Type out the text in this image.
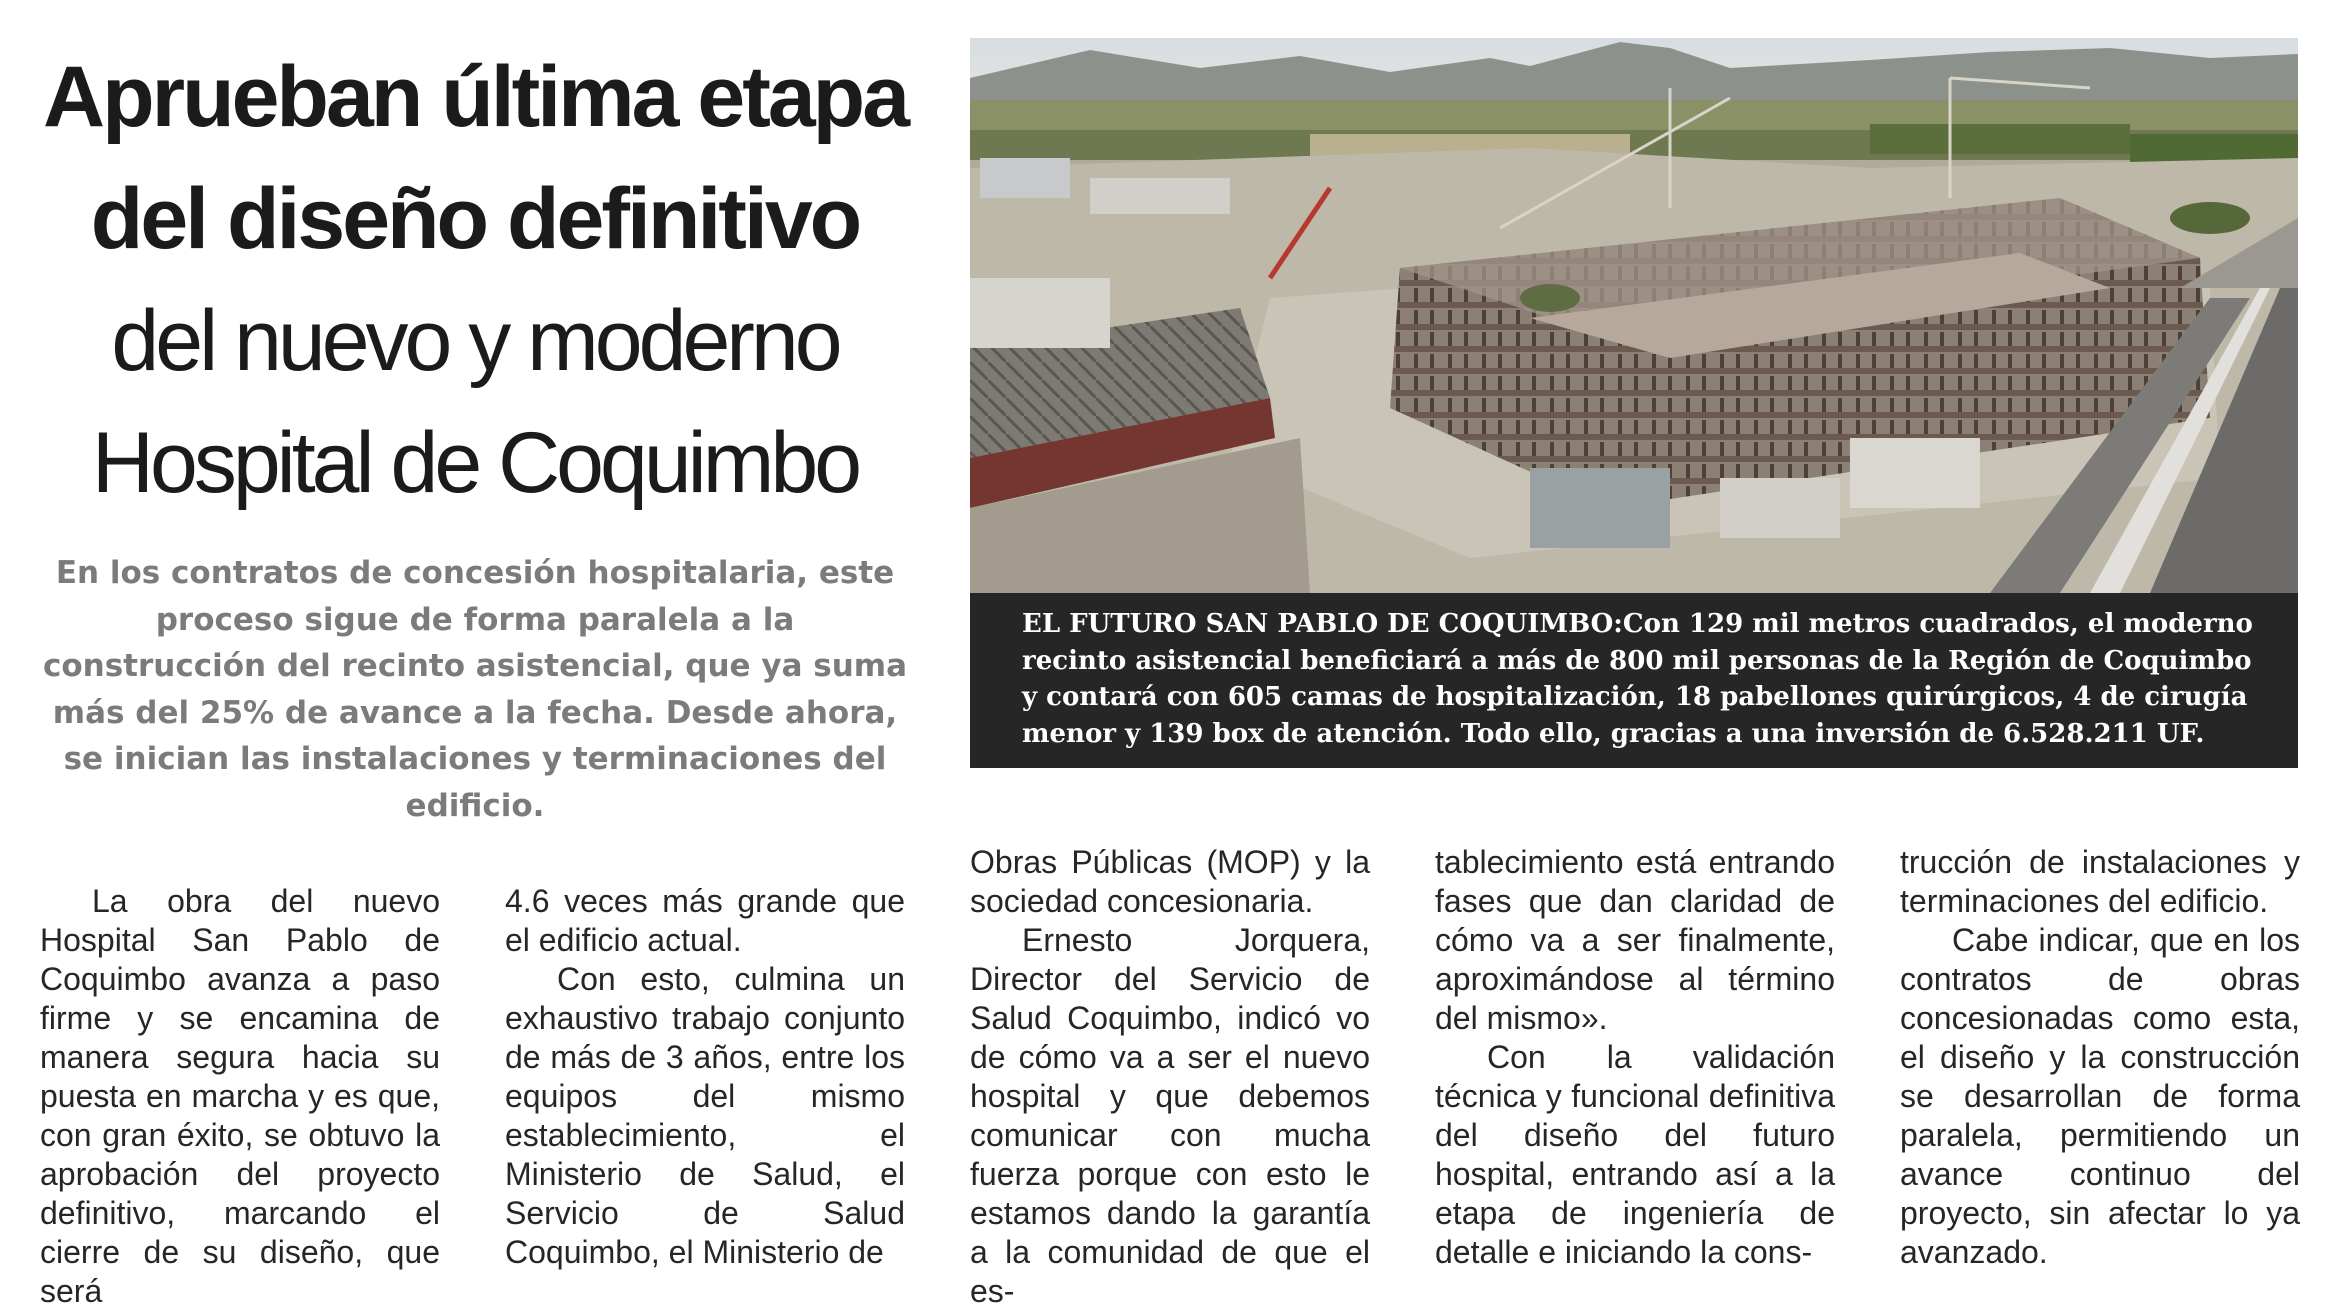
Aprueban última etapa
del diseño definitivo
del nuevo y moderno
Hospital de Coquimbo
En los contratos de concesión hospitalaria, este proceso sigue de forma paralela a la construcción del recinto asistencial, que ya suma más del 25% de avance a la fecha. Desde ahora, se inician las instalaciones y terminaciones del edificio.
EL FUTURO SAN PABLO DE COQUIMBO:Con 129 mil metros cuadrados, el moderno recinto asistencial beneficiará a más de 800 mil personas de la Región de Coquimbo y contará con 605 camas de hospitalización, 18 pabellones quirúrgicos, 4 de cirugía menor y 139 box de atención. Todo ello, gracias a una inversión de 6.528.211 UF.

La obra del nuevo Hospital San Pablo de Coquimbo avanza a paso firme y se encamina de manera segura hacia su puesta en marcha y es que, con gran éxito, se obtuvo la aprobación del proyecto definitivo, marcando el cierre de su diseño, que será

4.6 veces más grande que el edificio actual.

Con esto, culmina un exhaustivo trabajo conjunto de más de 3 años, entre los equipos del mismo establecimiento, el Ministerio de Salud, el Servicio de Salud Coquimbo, el Ministerio de

Obras Públicas (MOP) y la sociedad concesionaria.

Ernesto Jorquera, Director del Servicio de Salud Coquimbo, indicó vo de cómo va a ser el nuevo hospital y que debemos comunicar con mucha fuerza porque con esto le estamos dando la garantía a la comunidad de que el es-

tablecimiento está entrando fases que dan claridad de cómo va a ser finalmente, aproximándose al término del mismo».

Con la validación técnica y funcional definitiva del diseño del futuro hospital, entrando así a la etapa de ingeniería de detalle e iniciando la cons-

trucción de instalaciones y terminaciones del edificio.

Cabe indicar, que en los contratos de obras concesionadas como esta, el diseño y la construcción se desarrollan de forma paralela, permitiendo un avance continuo del proyecto, sin afectar lo ya avanzado.
